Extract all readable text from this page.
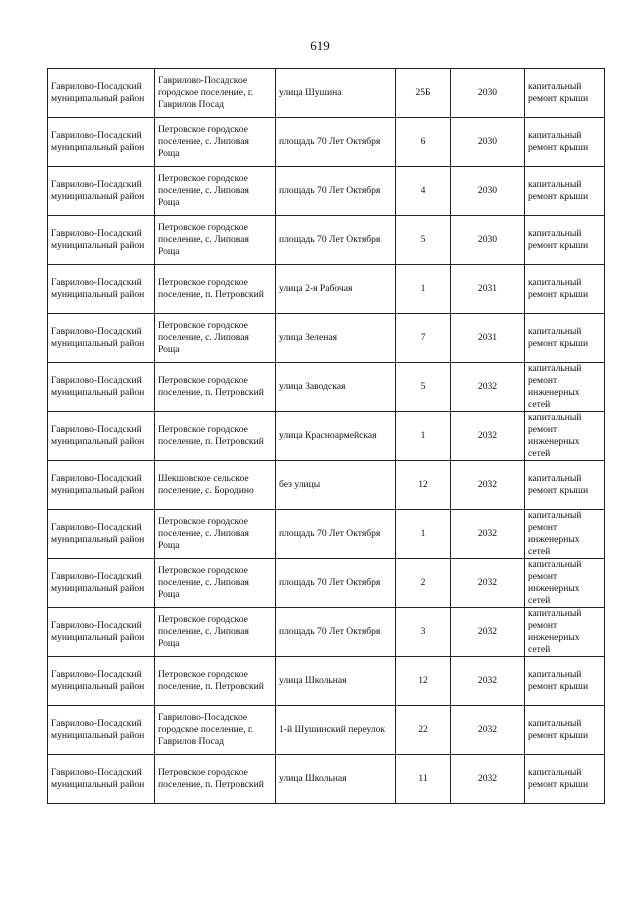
619
Гаврилово-Посадский муниципальный район	Гаврилово-Посадское городское поселение, г. Гаврилов Посад	улица Шушина	25Б	2030	капитальный ремонт крыши
Гаврилово-Посадский муниципальный район	Петровское городское поселение, с. Липовая Роща	площадь 70 Лет Октября	6	2030	капитальный ремонт крыши
Гаврилово-Посадский муниципальный район	Петровское городское поселение, с. Липовая Роща	площадь 70 Лет Октября	4	2030	капитальный ремонт крыши
Гаврилово-Посадский муниципальный район	Петровское городское поселение, с. Липовая Роща	площадь 70 Лет Октября	5	2030	капитальный ремонт крыши
Гаврилово-Посадский муниципальный район	Петровское городское поселение, п. Петровский	улица 2-я Рабочая	1	2031	капитальный ремонт крыши
Гаврилово-Посадский муниципальный район	Петровское городское поселение, с. Липовая Роща	улица Зеленая	7	2031	капитальный ремонт крыши
Гаврилово-Посадский муниципальный район	Петровское городское поселение, п. Петровский	улица Заводская	5	2032	капитальный ремонт инженерных сетей
Гаврилово-Посадский муниципальный район	Петровское городское поселение, п. Петровский	улица Красноармейская	1	2032	капитальный ремонт инженерных сетей
Гаврилово-Посадский муниципальный район	Шекшовское сельское поселение, с. Бородино	без улицы	12	2032	капитальный ремонт крыши
Гаврилово-Посадский муниципальный район	Петровское городское поселение, с. Липовая Роща	площадь 70 Лет Октября	1	2032	капитальный ремонт инженерных сетей
Гаврилово-Посадский муниципальный район	Петровское городское поселение, с. Липовая Роща	площадь 70 Лет Октября	2	2032	капитальный ремонт инженерных сетей
Гаврилово-Посадский муниципальный район	Петровское городское поселение, с. Липовая Роща	площадь 70 Лет Октября	3	2032	капитальный ремонт инженерных сетей
Гаврилово-Посадский муниципальный район	Петровское городское поселение, п. Петровский	улица Школьная	12	2032	капитальный ремонт крыши
Гаврилово-Посадский муниципальный район	Гаврилово-Посадское городское поселение, г. Гаврилов Посад	1-й Шушинский переулок	22	2032	капитальный ремонт крыши
Гаврилово-Посадский муниципальный район	Петровское городское поселение, п. Петровский	улица Школьная	11	2032	капитальный ремонт крыши
